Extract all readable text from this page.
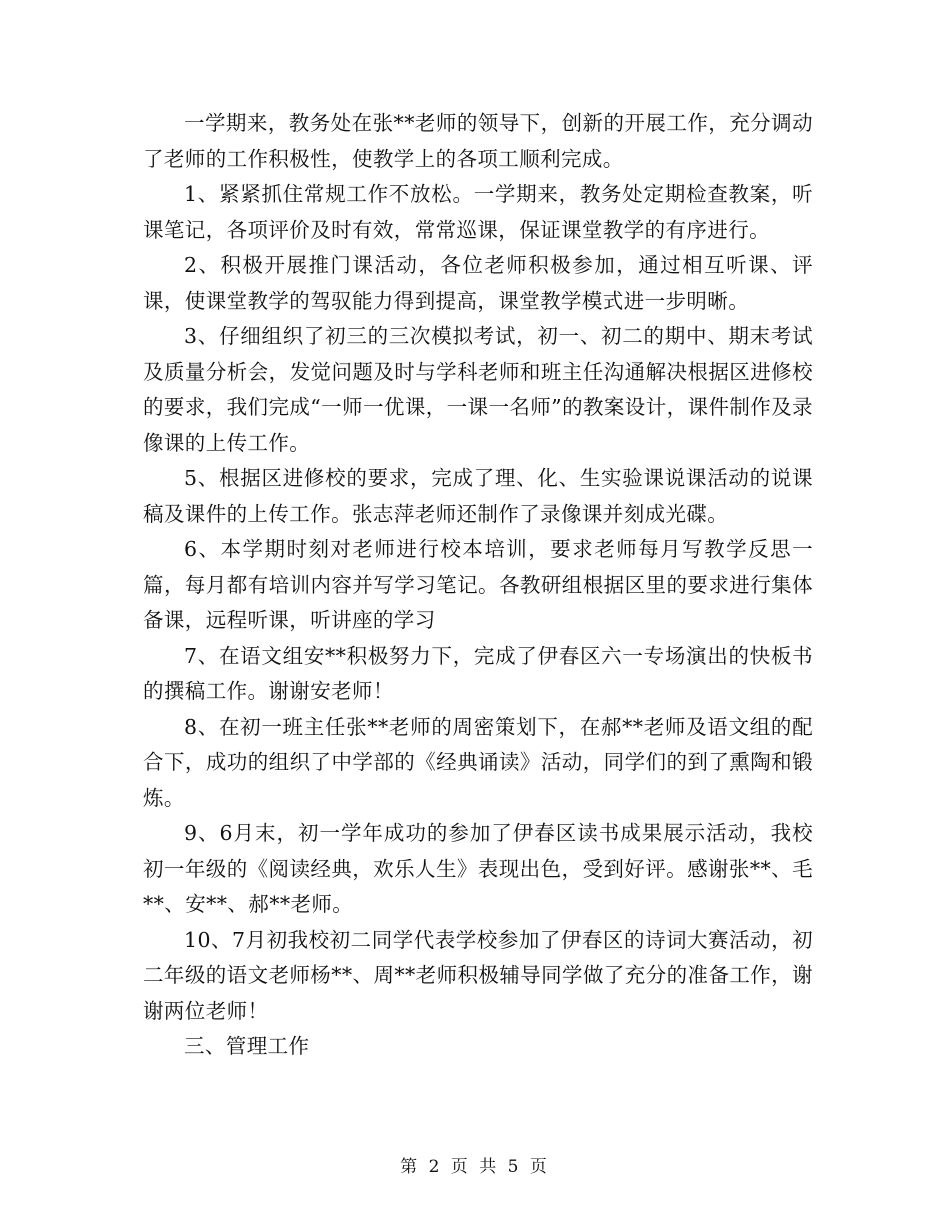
一学期来，教务处在张**老师的领导下，创新的开展工作，充分调动了老师的工作积极性，使教学上的各项工顺利完成。

1、紧紧抓住常规工作不放松。一学期来，教务处定期检查教案，听课笔记，各项评价及时有效，常常巡课，保证课堂教学的有序进行。

2、积极开展推门课活动，各位老师积极参加，通过相互听课、评课，使课堂教学的驾驭能力得到提高，课堂教学模式进一步明晰。

3、仔细组织了初三的三次模拟考试，初一、初二的期中、期末考试及质量分析会，发觉问题及时与学科老师和班主任沟通解决根据区进修校的要求，我们完成“一师一优课，一课一名师”的教案设计，课件制作及录像课的上传工作。

5、根据区进修校的要求，完成了理、化、生实验课说课活动的说课稿及课件的上传工作。张志萍老师还制作了录像课并刻成光碟。

6、本学期时刻对老师进行校本培训，要求老师每月写教学反思一篇，每月都有培训内容并写学习笔记。各教研组根据区里的要求进行集体备课，远程听课，听讲座的学习

7、在语文组安**积极努力下，完成了伊春区六一专场演出的快板书的撰稿工作。谢谢安老师！

8、在初一班主任张**老师的周密策划下，在郝**老师及语文组的配合下，成功的组织了中学部的《经典诵读》活动，同学们的到了熏陶和锻炼。

9、6月末，初一学年成功的参加了伊春区读书成果展示活动，我校初一年级的《阅读经典，欢乐人生》表现出色，受到好评。感谢张**、毛**、安**、郝**老师。

10、7月初我校初二同学代表学校参加了伊春区的诗词大赛活动，初二年级的语文老师杨**、周**老师积极辅导同学做了充分的准备工作，谢谢两位老师！

三、管理工作

第 2 页 共 5 页
